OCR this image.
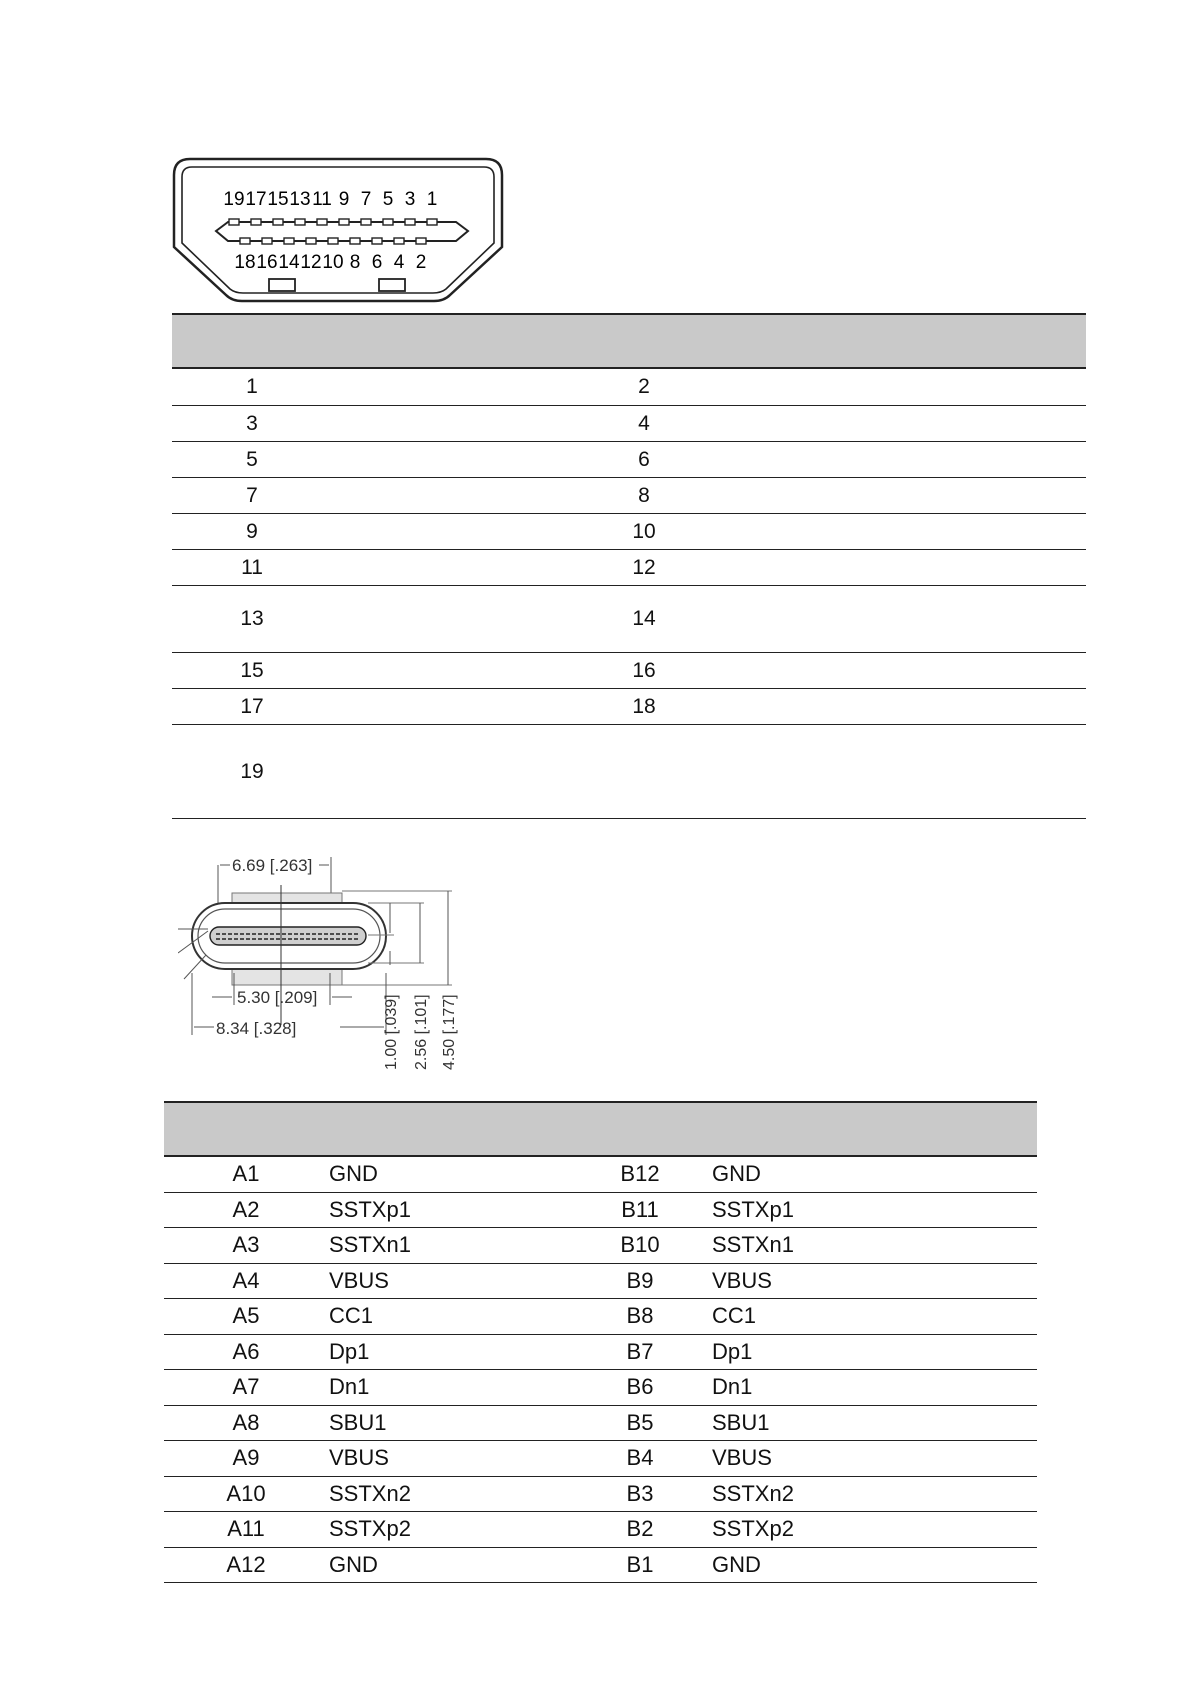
19 17 15 13 11 9 7 5 3 1
18 16 14 12 10 8 6 4 2
1	2
3	4
5	6
7	8
9	10
11	12
13	14
15	16
17	18
19
6.69 [.263]
5.30 [.209]
8.34 [.328]	1.00 [.039] 2.56 [.101] 4.50 [.177]
A1	GND	B12	GND
A2	SSTXp1	B11	SSTXp1
A3	SSTXn1	B10	SSTXn1
A4	VBUS	B9	VBUS
A5	CC1	B8	CC1
A6	Dp1	B7	Dp1
A7	Dn1	B6	Dn1
A8	SBU1	B5	SBU1
A9	VBUS	B4	VBUS
A10	SSTXn2	B3	SSTXn2
A11	SSTXp2	B2	SSTXp2
A12	GND	B1	GND
